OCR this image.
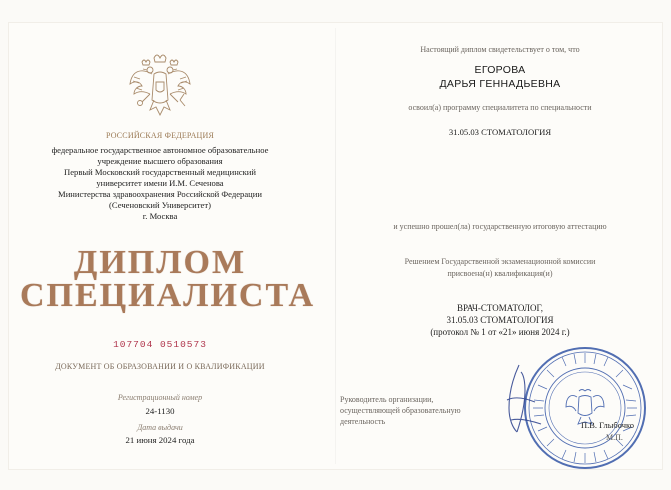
РОССИЙСКАЯ ФЕДЕРАЦИЯ
федеральное государственное автономное образовательное
учреждение высшего образования
Первый Московский государственный медицинский
университет имени И.М. Сеченова
Министерства здравоохранения Российской Федерации
(Сеченовский Университет)
г. Москва
ДИПЛОМ
СПЕЦИАЛИСТА
107704 0510573
ДОКУМЕНТ ОБ ОБРАЗОВАНИИ И О КВАЛИФИКАЦИИ
Регистрационный номер
24-1130
Дата выдачи
21 июня 2024 года
Настоящий диплом свидетельствует о том, что
ЕГОРОВА
ДАРЬЯ ГЕННАДЬЕВНА
освоил(а) программу специалитета по специальности
31.05.03 СТОМАТОЛОГИЯ
и успешно прошел(ла) государственную итоговую аттестацию
Решением Государственной экзаменационной комиссии
присвоена(н) квалификация(и)
ВРАЧ-СТОМАТОЛОГ,
31.05.03 СТОМАТОЛОГИЯ
(протокол № 1 от «21» июня 2024 г.)
Руководитель организации,
осуществляющей образовательную
деятельность	П.В. Глыбочко
М.П.
